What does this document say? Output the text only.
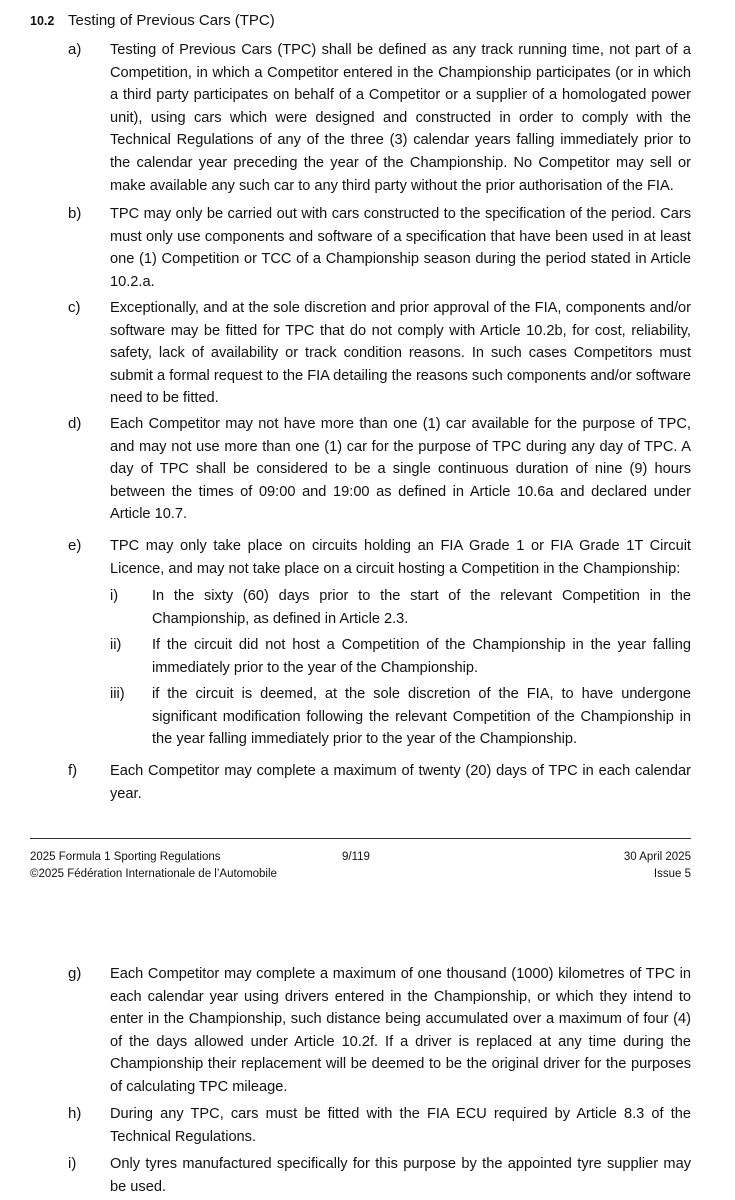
10.2 Testing of Previous Cars (TPC)
a) Testing of Previous Cars (TPC) shall be defined as any track running time, not part of a Competition, in which a Competitor entered in the Championship participates (or in which a third party participates on behalf of a Competitor or a supplier of a homologated power unit), using cars which were designed and constructed in order to comply with the Technical Regulations of any of the three (3) calendar years falling immediately prior to the calendar year preceding the year of the Championship. No Competitor may sell or make available any such car to any third party without the prior authorisation of the FIA.
b) TPC may only be carried out with cars constructed to the specification of the period. Cars must only use components and software of a specification that have been used in at least one (1) Competition or TCC of a Championship season during the period stated in Article 10.2.a.
c) Exceptionally, and at the sole discretion and prior approval of the FIA, components and/or software may be fitted for TPC that do not comply with Article 10.2b, for cost, reliability, safety, lack of availability or track condition reasons. In such cases Competitors must submit a formal request to the FIA detailing the reasons such components and/or software need to be fitted.
d) Each Competitor may not have more than one (1) car available for the purpose of TPC, and may not use more than one (1) car for the purpose of TPC during any day of TPC. A day of TPC shall be considered to be a single continuous duration of nine (9) hours between the times of 09:00 and 19:00 as defined in Article 10.6a and declared under Article 10.7.
e) TPC may only take place on circuits holding an FIA Grade 1 or FIA Grade 1T Circuit Licence, and may not take place on a circuit hosting a Competition in the Championship:
i) In the sixty (60) days prior to the start of the relevant Competition in the Championship, as defined in Article 2.3.
ii) If the circuit did not host a Competition of the Championship in the year falling immediately prior to the year of the Championship.
iii) if the circuit is deemed, at the sole discretion of the FIA, to have undergone significant modification following the relevant Competition of the Championship in the year falling immediately prior to the year of the Championship.
f) Each Competitor may complete a maximum of twenty (20) days of TPC in each calendar year.
2025 Formula 1 Sporting Regulations
©2025 Fédération Internationale de l’Automobile
9/119	30 April 2025
Issue 5
g) Each Competitor may complete a maximum of one thousand (1000) kilometres of TPC in each calendar year using drivers entered in the Championship, or which they intend to enter in the Championship, such distance being accumulated over a maximum of four (4) of the days allowed under Article 10.2f. If a driver is replaced at any time during the Championship their replacement will be deemed to be the original driver for the purposes of calculating TPC mileage.
h) During any TPC, cars must be fitted with the FIA ECU required by Article 8.3 of the Technical Regulations.
i) Only tyres manufactured specifically for this purpose by the appointed tyre supplier may be used.
